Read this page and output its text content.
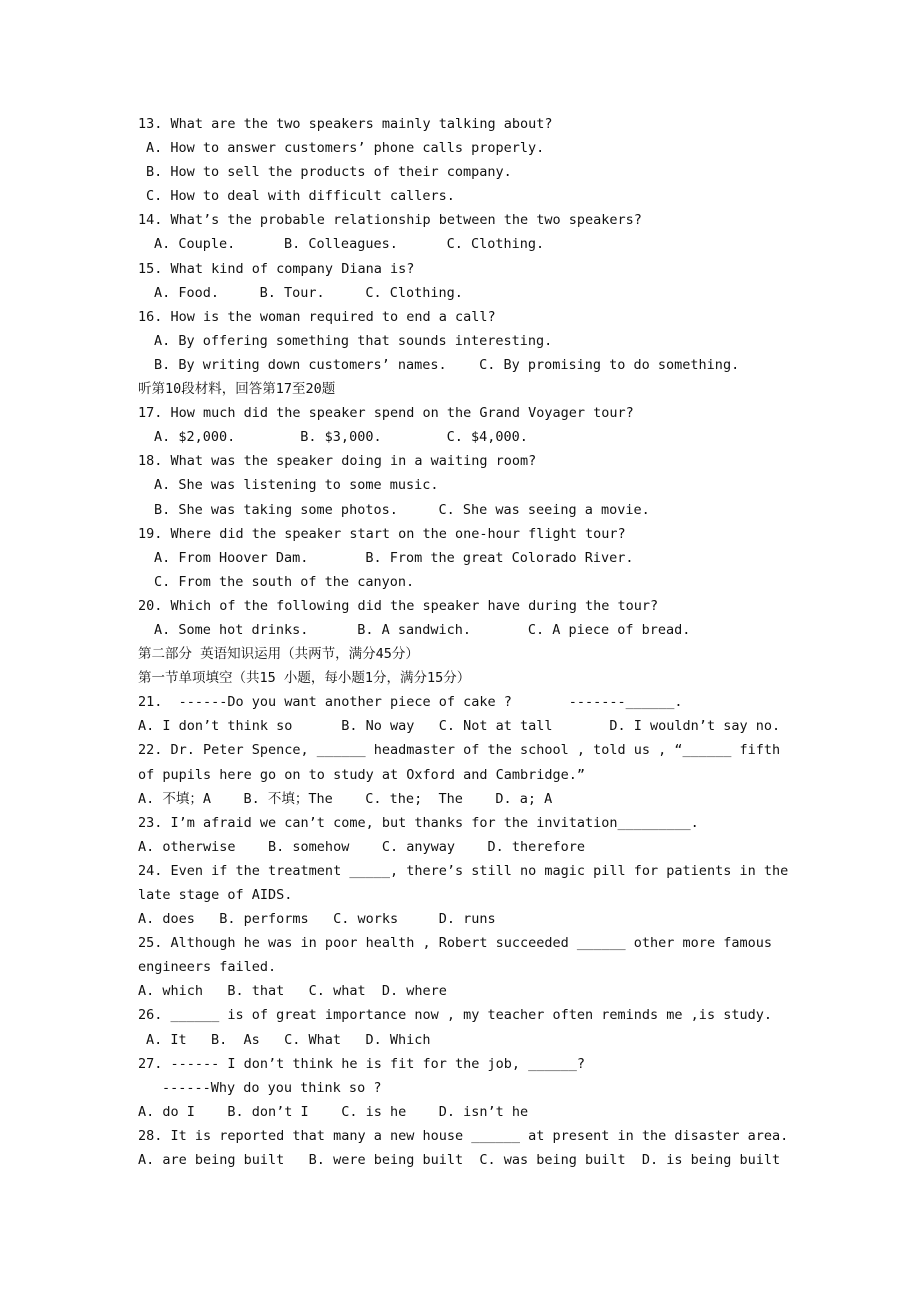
13. What are the two speakers mainly talking about?
A. How to answer customers’ phone calls properly.
B. How to sell the products of their company.
C. How to deal with difficult callers.
14. What’s the probable relationship between the two speakers?
A. Couple.      B. Colleagues.      C. Clothing.
15. What kind of company Diana is?
A. Food.     B. Tour.     C. Clothing.
16. How is the woman required to end a call?
A. By offering something that sounds interesting.
B. By writing down customers’ names.    C. By promising to do something.
听第10段材料，回答第17至20题
17. How much did the speaker spend on the Grand Voyager tour?
A. $2,000.        B. $3,000.        C. $4,000.
18. What was the speaker doing in a waiting room?
A. She was listening to some music.
B. She was taking some photos.     C. She was seeing a movie.
19. Where did the speaker start on the one-hour flight tour?
A. From Hoover Dam.       B. From the great Colorado River.
C. From the south of the canyon.
20. Which of the following did the speaker have during the tour?
A. Some hot drinks.      B. A sandwich.       C. A piece of bread.
第二部分 英语知识运用（共两节，满分45分）
第一节单项填空（共15 小题，每小题1分，满分15分）
21.  ------Do you want another piece of cake ?       -------______.
A. I don’t think so      B. No way   C. Not at tall       D. I wouldn’t say no.
22. Dr. Peter Spence, ______ headmaster of the school , told us , “______ fifth
of pupils here go on to study at Oxford and Cambridge.”
A. 不填；A    B. 不填；The    C. the;  The    D. a; A
23. I’m afraid we can’t come, but thanks for the invitation_________.
A. otherwise    B. somehow    C. anyway    D. therefore
24. Even if the treatment _____, there’s still no magic pill for patients in the
late stage of AIDS.
A. does   B. performs   C. works     D. runs
25. Although he was in poor health , Robert succeeded ______ other more famous
engineers failed.
A. which   B. that   C. what  D. where
26. ______ is of great importance now , my teacher often reminds me ,is study.
A. It   B.  As   C. What   D. Which
27. ------ I don’t think he is fit for the job, ______?
------Why do you think so ?
A. do I    B. don’t I    C. is he    D. isn’t he
28. It is reported that many a new house ______ at present in the disaster area.
A. are being built   B. were being built  C. was being built  D. is being built
